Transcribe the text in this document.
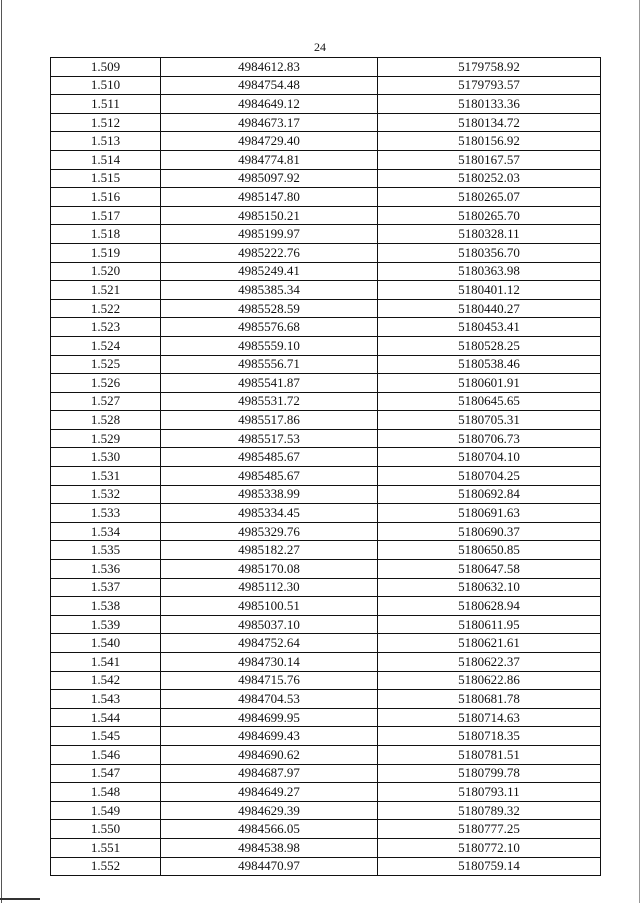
24
1.509	4984612.83	5179758.92
1.510	4984754.48	5179793.57
1.511	4984649.12	5180133.36
1.512	4984673.17	5180134.72
1.513	4984729.40	5180156.92
1.514	4984774.81	5180167.57
1.515	4985097.92	5180252.03
1.516	4985147.80	5180265.07
1.517	4985150.21	5180265.70
1.518	4985199.97	5180328.11
1.519	4985222.76	5180356.70
1.520	4985249.41	5180363.98
1.521	4985385.34	5180401.12
1.522	4985528.59	5180440.27
1.523	4985576.68	5180453.41
1.524	4985559.10	5180528.25
1.525	4985556.71	5180538.46
1.526	4985541.87	5180601.91
1.527	4985531.72	5180645.65
1.528	4985517.86	5180705.31
1.529	4985517.53	5180706.73
1.530	4985485.67	5180704.10
1.531	4985485.67	5180704.25
1.532	4985338.99	5180692.84
1.533	4985334.45	5180691.63
1.534	4985329.76	5180690.37
1.535	4985182.27	5180650.85
1.536	4985170.08	5180647.58
1.537	4985112.30	5180632.10
1.538	4985100.51	5180628.94
1.539	4985037.10	5180611.95
1.540	4984752.64	5180621.61
1.541	4984730.14	5180622.37
1.542	4984715.76	5180622.86
1.543	4984704.53	5180681.78
1.544	4984699.95	5180714.63
1.545	4984699.43	5180718.35
1.546	4984690.62	5180781.51
1.547	4984687.97	5180799.78
1.548	4984649.27	5180793.11
1.549	4984629.39	5180789.32
1.550	4984566.05	5180777.25
1.551	4984538.98	5180772.10
1.552	4984470.97	5180759.14
